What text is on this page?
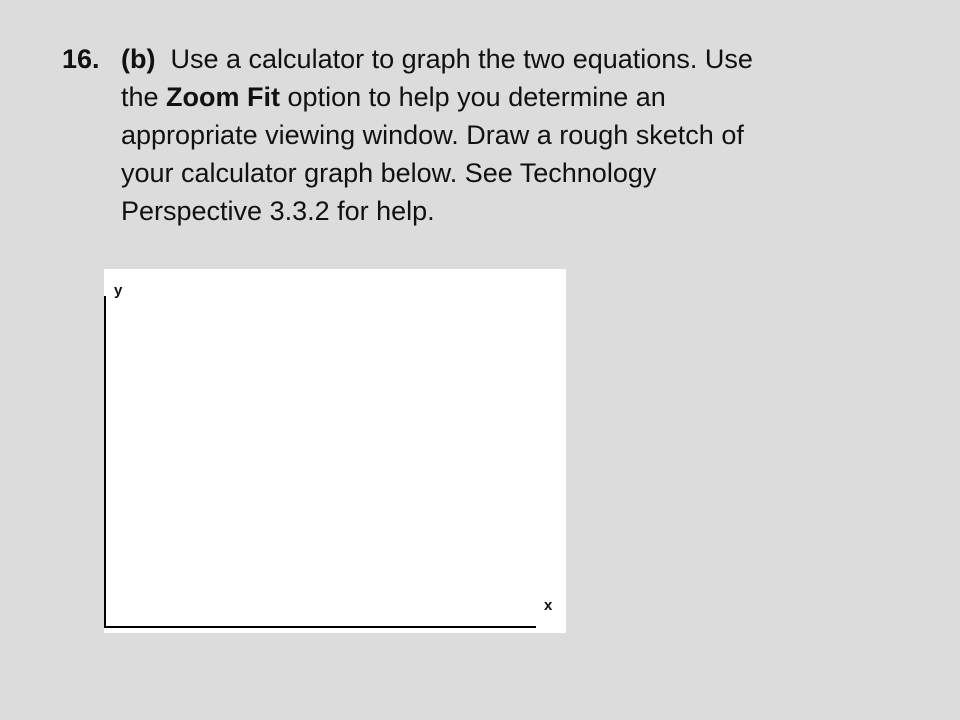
16. (b) Use a calculator to graph the two equations. Use
the Zoom Fit option to help you determine an
appropriate viewing window. Draw a rough sketch of
your calculator graph below. See Technology
Perspective 3.3.2 for help.
y
x
